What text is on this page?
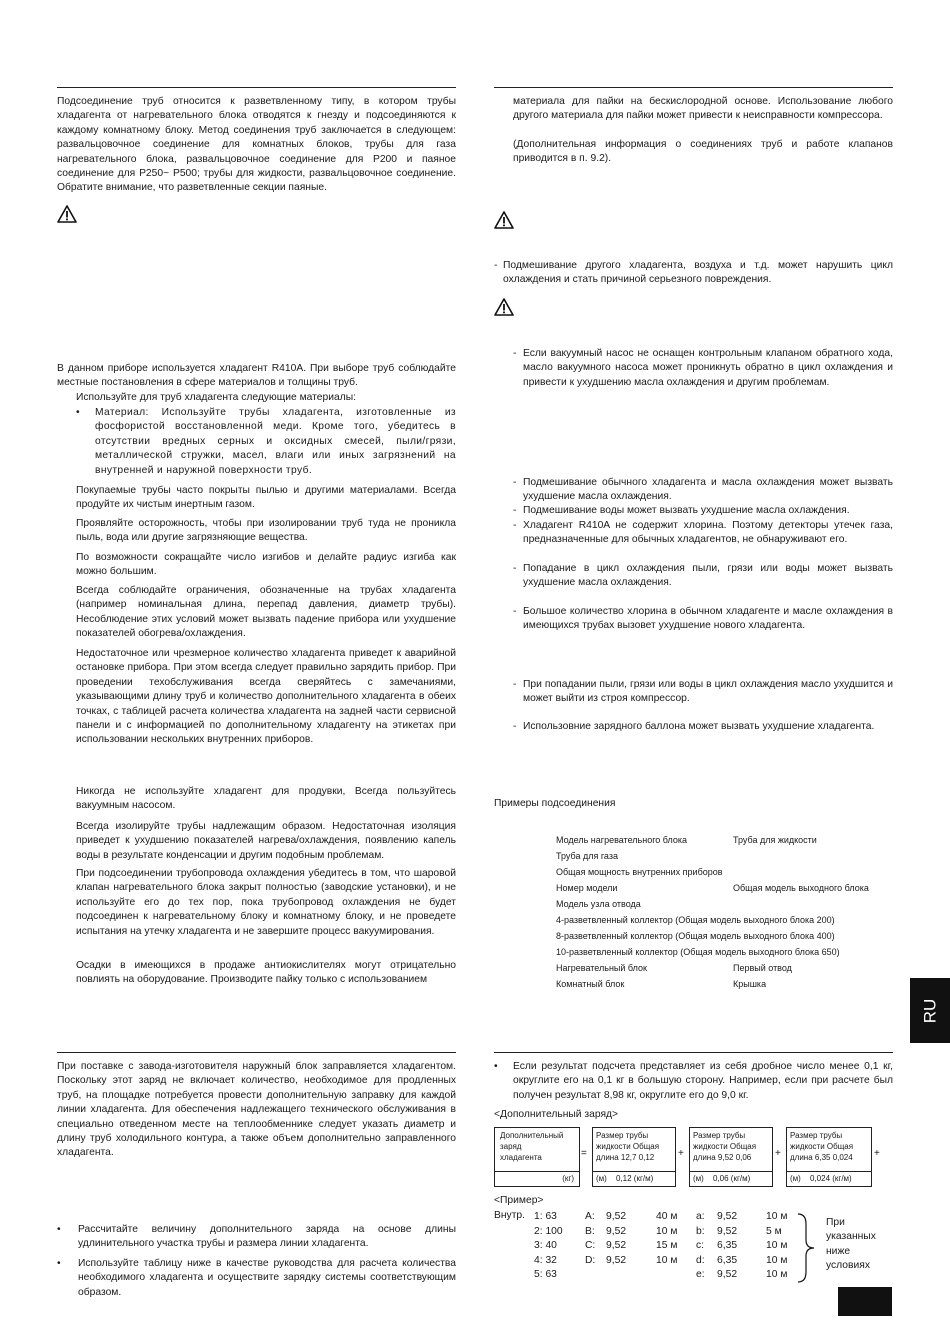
Подсоединение труб относится к разветвленному типу, в котором трубы хладагента от нагревательного блока отводятся к гнезду и подсоединяются к каждому комнатному блоку. Метод соединения труб заключается в следующем: развальцовочное соединение для комнатных блоков, трубы для газа нагревательного блока, развальцовочное соединение для P200 и паяное соединение для P250~ P500; трубы для жидкости, развальцовочное соединение. Обратите внимание, что разветвленные секции паяные.

В данном приборе используется хладагент R410A. При выборе труб соблюдайте местные постановления в сфере материалов и толщины труб.

Используйте для труб хладагента следующие материалы:

• Материал: Используйте трубы хладагента, изготовленные из фосфористой восстановленной меди. Кроме того, убедитесь в отсутствии вредных серных и оксидных смесей, пыли/грязи, металлической стружки, масел, влаги или иных загрязнений на внутренней и наружной поверхности труб.

Покупаемые трубы часто покрыты пылью и другими материалами. Всегда продуйте их чистым инертным газом.

Проявляйте осторожность, чтобы при изолировании труб туда не проникла пыль, вода или другие загрязняющие вещества.

По возможности сокращайте число изгибов и делайте радиус изгиба как можно большим.

Всегда соблюдайте ограничения, обозначенные на трубах хладагента (например номинальная длина, перепад давления, диаметр трубы). Несоблюдение этих условий может вызвать падение прибора или ухудшение показателей обогрева/охлаждения.

Недостаточное или чрезмерное количество хладагента приведет к аварийной остановке прибора. При этом всегда следует правильно зарядить прибор. При проведении техобслуживания всегда сверяйтесь с замечаниями, указывающими длину труб и количество дополнительного хладагента в обеих точках, с таблицей расчета количества хладагента на задней части сервисной панели и с информацией по дополнительному хладагенту на этикетах при использовании нескольких внутренних приборов.

Никогда не используйте хладагент для продувки, Всегда пользуйтесь вакуумным насосом.

Всегда изолируйте трубы надлежащим образом. Недостаточная изоляция приведет к ухудшению показателей нагрева/охлаждения, появлению капель воды в результате конденсации и другим подобным проблемам.

При подсоединении трубопровода охлаждения убедитесь в том, что шаровой клапан нагревательного блока закрыт полностью (заводские установки), и не используйте его до тех пор, пока трубопровод охлаждения не будет подсоединен к нагревательному блоку и комнатному блоку, и не проведете испытания на утечку хладагента и не завершите процесс вакуумирования.

Осадки в имеющихся в продаже антиокислителях могут отрицательно повлиять на оборудование. Производите пайку только с использованием

материала для пайки на бескислородной основе. Использование любого другого материала для пайки может привести к неисправности компрессора.

(Дополнительная информация о соединениях труб и работе клапанов приводится в п. 9.2).

- Подмешивание другого хладагента, воздуха и т.д. может нарушить цикл охлаждения и стать причиной серьезного повреждения.
- Если вакуумный насос не оснащен контрольным клапаном обратного хода, масло вакуумного насоса может проникнуть обратно в цикл охлаждения и привести к ухудшению масла охлаждения и другим проблемам.
- Подмешивание обычного хладагента и масла охлаждения может вызвать ухудшение масла охлаждения.
- Подмешивание воды может вызвать ухудшение масла охлаждения.
- Хладагент R410A не содержит хлорина. Поэтому детекторы утечек газа, предназначенные для обычных хладагентов, не обнаруживают его.
- Попадание в цикл охлаждения пыли, грязи или воды может вызвать ухудшение масла охлаждения.
- Большое количество хлорина в обычном хладагенте и масле охлаждения в имеющихся трубах вызовет ухудшение нового хладагента.
- При попадании пыли, грязи или воды в цикл охлаждения масло ухудшится и может выйти из строя компрессор.
- Использовние зарядного баллона может вызвать ухудшение хладагента.
Примеры подсоединения
Модель нагревательного блока	Труба для жидкости
Труба для газа
Общая мощность внутренних приборов
Номер модели	Общая модель выходного блока
Модель узла отвода
4-разветвленный коллектор (Общая модель выходного блока 200)
8-разветвленный коллектор (Общая модель выходного блока 400)
10-разветвленный коллектор (Общая модель выходного блока 650)
Нагревательный блок	Первый отвод
Комнатный блок	Крышка
RU

При поставке с завода-изготовителя наружный блок заправляется хладагентом. Поскольку этот заряд не включает количество, необходимое для продленных труб, на площадке потребуется провести дополнительную заправку для каждой линии хладагента. Для обеспечения надлежащего технического обслуживания в специально отведенном месте на теплообменнике следует указать диаметр и длину труб холодильного контура, а также объем дополнительно заправленного хладагента.

• Рассчитайте величину дополнительного заряда на основе длины удлинительного участка трубы и размера линии хладагента.
• Используйте таблицу ниже в качестве руководства для расчета количества необходимого хладагента и осуществите зарядку системы соответствующим образом.
• Если результат подсчета представляет из себя дробное число менее 0,1 кг, округлите его на 0,1 кг в большую сторону. Например, если при расчете был получен результат 8,98 кг, округлите его до 9,0 кг.
<Дополнительный заряд>
Дополнительный заряд хладагента
(кг)
=
Размер трубы жидкости Общая длина 12,7 0,12
(м) 0,12 (кг/м)
+
Размер трубы жидкости Общая длина 9,52 0,06
(м) 0,06 (кг/м)
+
Размер трубы жидкости Общая длина 6,35 0,024
(м) 0,024 (кг/м)
+
<Пример>
Внутр. 1: 63	A: 9,52	40 м a: 9,52	10 м
2: 100 B: 9,52	10 м b: 9,52	5 м
3: 40	C: 9,52	15 м c: 6,35	10 м
4: 32	D: 9,52	10 м d: 6,35	10 м
5: 63	e: 9,52	10 м
При указанных ниже условиях
